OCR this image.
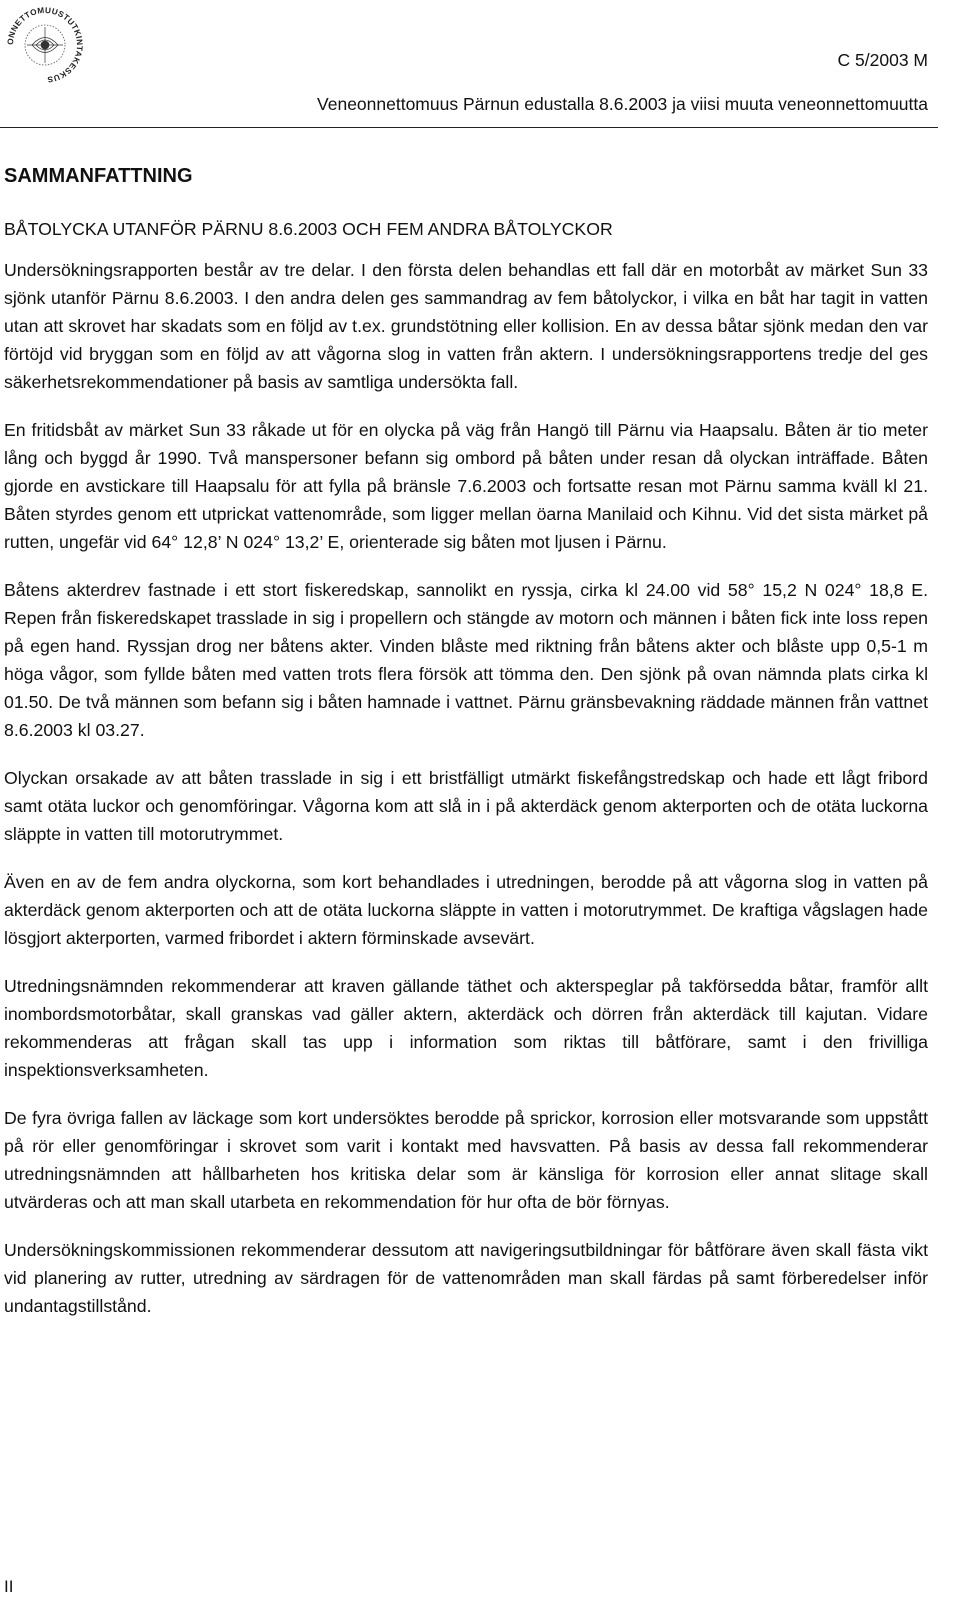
ONNETTOMUUSTUTKINTAKESKUS
C 5/2003 M
Veneonnettomuus Pärnun edustalla 8.6.2003 ja viisi muuta veneonnettomuutta
SAMMANFATTNING
BÅTOLYCKA UTANFÖR PÄRNU 8.6.2003 OCH FEM ANDRA BÅTOLYCKOR

Undersökningsrapporten består av tre delar. I den första delen behandlas ett fall där en motorbåt av märket Sun 33 sjönk utanför Pärnu 8.6.2003. I den andra delen ges sammandrag av fem båtolyckor, i vilka en båt har tagit in vatten utan att skrovet har skadats som en följd av t.ex. grundstötning eller kollision. En av dessa båtar sjönk medan den var förtöjd vid bryggan som en följd av att vågorna slog in vatten från aktern. I undersökningsrapportens tredje del ges säkerhetsrekommendationer på basis av samtliga undersökta fall.

En fritidsbåt av märket Sun 33 råkade ut för en olycka på väg från Hangö till Pärnu via Haapsalu. Båten är tio meter lång och byggd år 1990. Två manspersoner befann sig ombord på båten under resan då olyckan inträffade. Båten gjorde en avstickare till Haapsalu för att fylla på bränsle 7.6.2003 och fortsatte resan mot Pärnu samma kväll kl 21. Båten styrdes genom ett utprickat vattenområde, som ligger mellan öarna Manilaid och Kihnu. Vid det sista märket på rutten, ungefär vid 64° 12,8’ N 024° 13,2’ E, orienterade sig båten mot ljusen i Pärnu.

Båtens akterdrev fastnade i ett stort fiskeredskap, sannolikt en ryssja, cirka kl 24.00 vid 58° 15,2 N 024° 18,8 E. Repen från fiskeredskapet trasslade in sig i propellern och stängde av motorn och männen i båten fick inte loss repen på egen hand. Ryssjan drog ner båtens akter. Vinden blåste med riktning från båtens akter och blåste upp 0,5-1 m höga vågor, som fyllde båten med vatten trots flera försök att tömma den. Den sjönk på ovan nämnda plats cirka kl 01.50. De två männen som befann sig i båten hamnade i vattnet. Pärnu gränsbevakning räddade männen från vattnet 8.6.2003 kl 03.27.

Olyckan orsakade av att båten trasslade in sig i ett bristfälligt utmärkt fiskefångstredskap och hade ett lågt fribord samt otäta luckor och genomföringar. Vågorna kom att slå in i på akterdäck genom akterporten och de otäta luckorna släppte in vatten till motorutrymmet.

Även en av de fem andra olyckorna, som kort behandlades i utredningen, berodde på att vågorna slog in vatten på akterdäck genom akterporten och att de otäta luckorna släppte in vatten i motorutrymmet. De kraftiga vågslagen hade lösgjort akterporten, varmed fribordet i aktern förminskade avsevärt.

Utredningsnämnden rekommenderar att kraven gällande täthet och akterspeglar på takförsedda båtar, framför allt inombordsmotorbåtar, skall granskas vad gäller aktern, akterdäck och dörren från akterdäck till kajutan. Vidare rekommenderas att frågan skall tas upp i information som riktas till båtförare, samt i den frivilliga inspektionsverksamheten.

De fyra övriga fallen av läckage som kort undersöktes berodde på sprickor, korrosion eller motsvarande som uppstått på rör eller genomföringar i skrovet som varit i kontakt med havsvatten. På basis av dessa fall rekommenderar utredningsnämnden att hållbarheten hos kritiska delar som är känsliga för korrosion eller annat slitage skall utvärderas och att man skall utarbeta en rekommendation för hur ofta de bör förnyas.

Undersökningskommissionen rekommenderar dessutom att navigeringsutbildningar för båtförare även skall fästa vikt vid planering av rutter, utredning av särdragen för de vattenområden man skall färdas på samt förberedelser inför undantagstillstånd.

II
